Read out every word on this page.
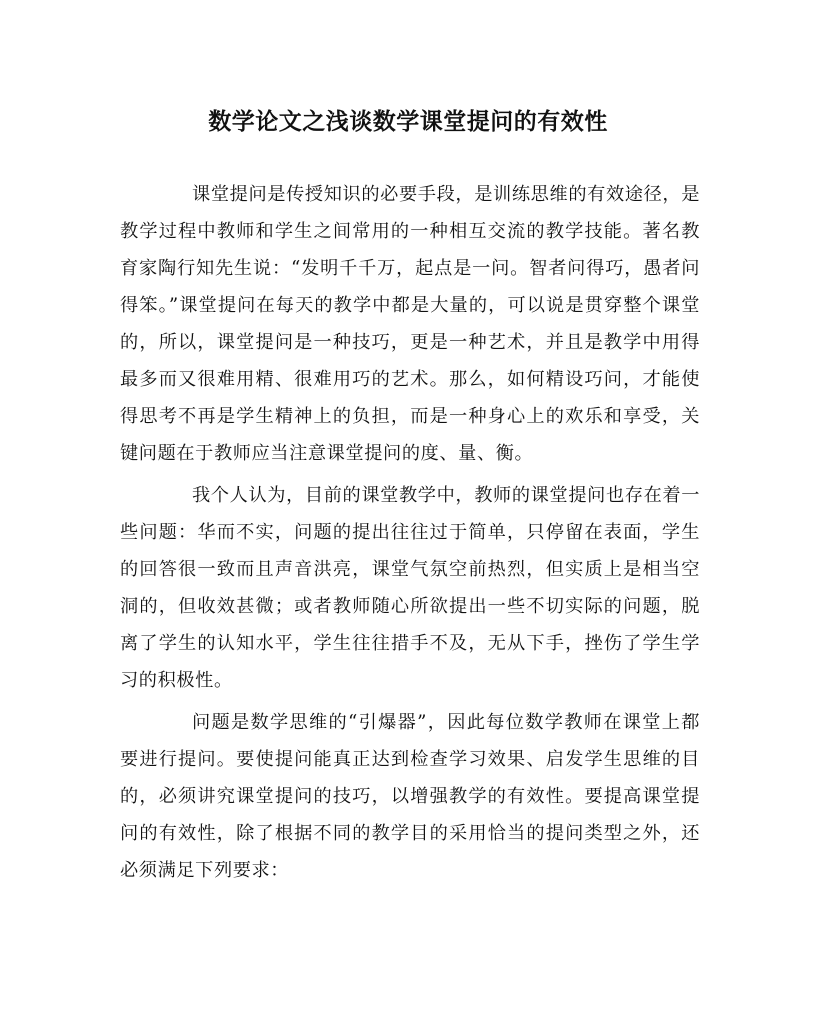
数学论文之浅谈数学课堂提问的有效性

课堂提问是传授知识的必要手段，是训练思维的有效途径，是教学过程中教师和学生之间常用的一种相互交流的教学技能。著名教育家陶行知先生说：“发明千千万，起点是一问。智者问得巧，愚者问得笨。”课堂提问在每天的教学中都是大量的，可以说是贯穿整个课堂的，所以，课堂提问是一种技巧，更是一种艺术，并且是教学中用得最多而又很难用精、很难用巧的艺术。那么，如何精设巧问，才能使得思考不再是学生精神上的负担，而是一种身心上的欢乐和享受，关键问题在于教师应当注意课堂提问的度、量、衡。

我个人认为，目前的课堂教学中，教师的课堂提问也存在着一些问题：华而不实，问题的提出往往过于简单，只停留在表面，学生的回答很一致而且声音洪亮，课堂气氛空前热烈，但实质上是相当空洞的，但收效甚微；或者教师随心所欲提出一些不切实际的问题，脱离了学生的认知水平，学生往往措手不及，无从下手，挫伤了学生学习的积极性。

问题是数学思维的“引爆器”，因此每位数学教师在课堂上都要进行提问。要使提问能真正达到检查学习效果、启发学生思维的目的，必须讲究课堂提问的技巧，以增强教学的有效性。要提高课堂提问的有效性，除了根据不同的教学目的采用恰当的提问类型之外，还必须满足下列要求：
